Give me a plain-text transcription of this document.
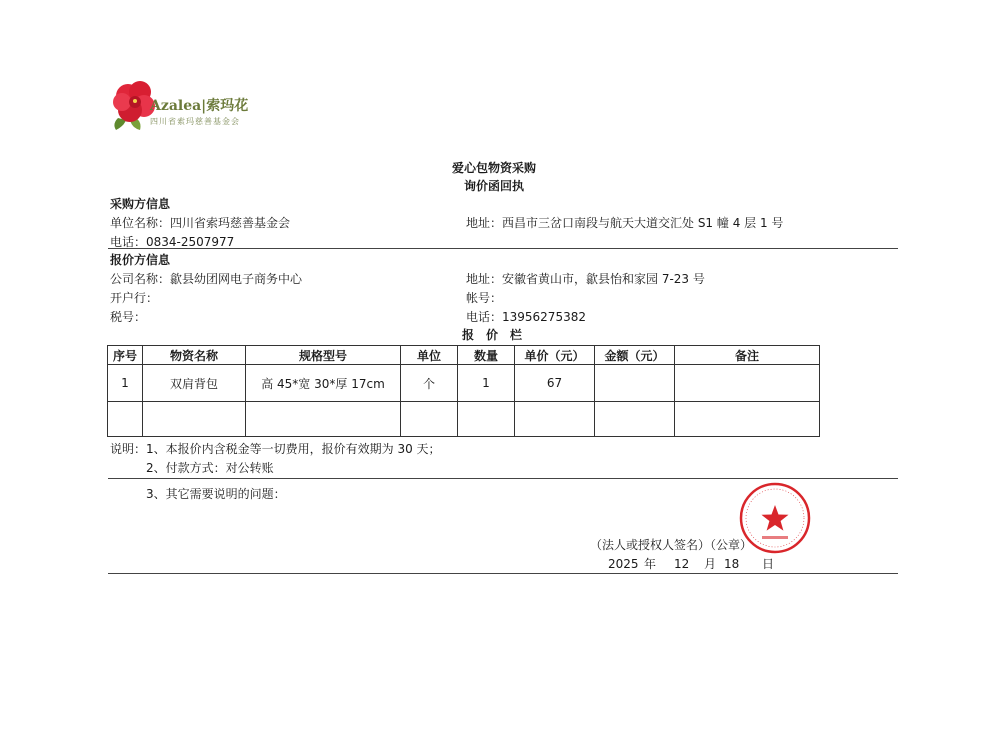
Azalea|索玛花
四川省索玛慈善基金会
爱心包物资采购
询价函回执
采购方信息
单位名称：四川省索玛慈善基金会	地址：西昌市三岔口南段与航天大道交汇处 S1 幢 4 层 1 号
电话：0834-2507977
报价方信息
公司名称：歙县幼团网电子商务中心	地址：安徽省黄山市，歙县怡和家园 7-23 号
开户行：	帐号：
税号：	电话：13956275382
报　价　栏
序号	物资名称	规格型号	单位	数量	单价（元）	金额（元）	备注
1	双肩背包	高 45*宽 30*厚 17cm	个	1	67		

说明：1、本报价内含税金等一切费用，报价有效期为 30 天；
2、付款方式：对公转账
3、其它需要说明的问题：
（法人或授权人签名）（公章）
2025 年 12 月 18 日
